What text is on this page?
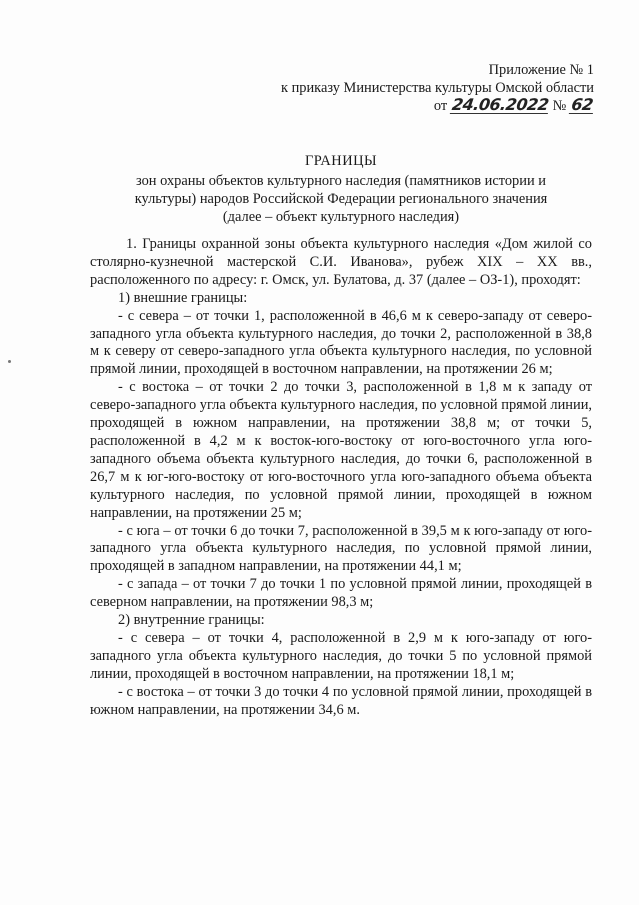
Приложение № 1
к приказу Министерства культуры Омской области
от 24.06.2022 № 62
ГРАНИЦЫ
зон охраны объектов культурного наследия (памятников истории и
культуры) народов Российской Федерации регионального значения
(далее – объект культурного наследия)

1. Границы охранной зоны объекта культурного наследия «Дом жилой со столярно-кузнечной мастерской С.И. Иванова», рубеж XIX – XX вв., расположенного по адресу: г. Омск, ул. Булатова, д. 37 (далее – ОЗ-1), проходят:

1) внешние границы:

- с севера – от точки 1, расположенной в 46,6 м к северо-западу от северо-западного угла объекта культурного наследия, до точки 2, расположенной в 38,8 м к северу от северо-западного угла объекта культурного наследия, по условной прямой линии, проходящей в восточном направлении, на протяжении 26 м;

- с востока – от точки 2 до точки 3, расположенной в 1,8 м к западу от северо-западного угла объекта культурного наследия, по условной прямой линии, проходящей в южном направлении, на протяжении 38,8 м; от точки 5, расположенной в 4,2 м к восток-юго-востоку от юго-восточного угла юго-западного объема объекта культурного наследия, до точки 6, расположенной в 26,7 м к юг-юго-востоку от юго-восточного угла юго-западного объема объекта культурного наследия, по условной прямой линии, проходящей в южном направлении, на протяжении 25 м;

- с юга – от точки 6 до точки 7, расположенной в 39,5 м к юго-западу от юго-западного угла объекта культурного наследия, по условной прямой линии, проходящей в западном направлении, на протяжении 44,1 м;

- с запада – от точки 7 до точки 1 по условной прямой линии, проходящей в северном направлении, на протяжении 98,3 м;

2) внутренние границы:

- с севера – от точки 4, расположенной в 2,9 м к юго-западу от юго-западного угла объекта культурного наследия, до точки 5 по условной прямой линии, проходящей в восточном направлении, на протяжении 18,1 м;

- с востока – от точки 3 до точки 4 по условной прямой линии, проходящей в южном направлении, на протяжении 34,6 м.
